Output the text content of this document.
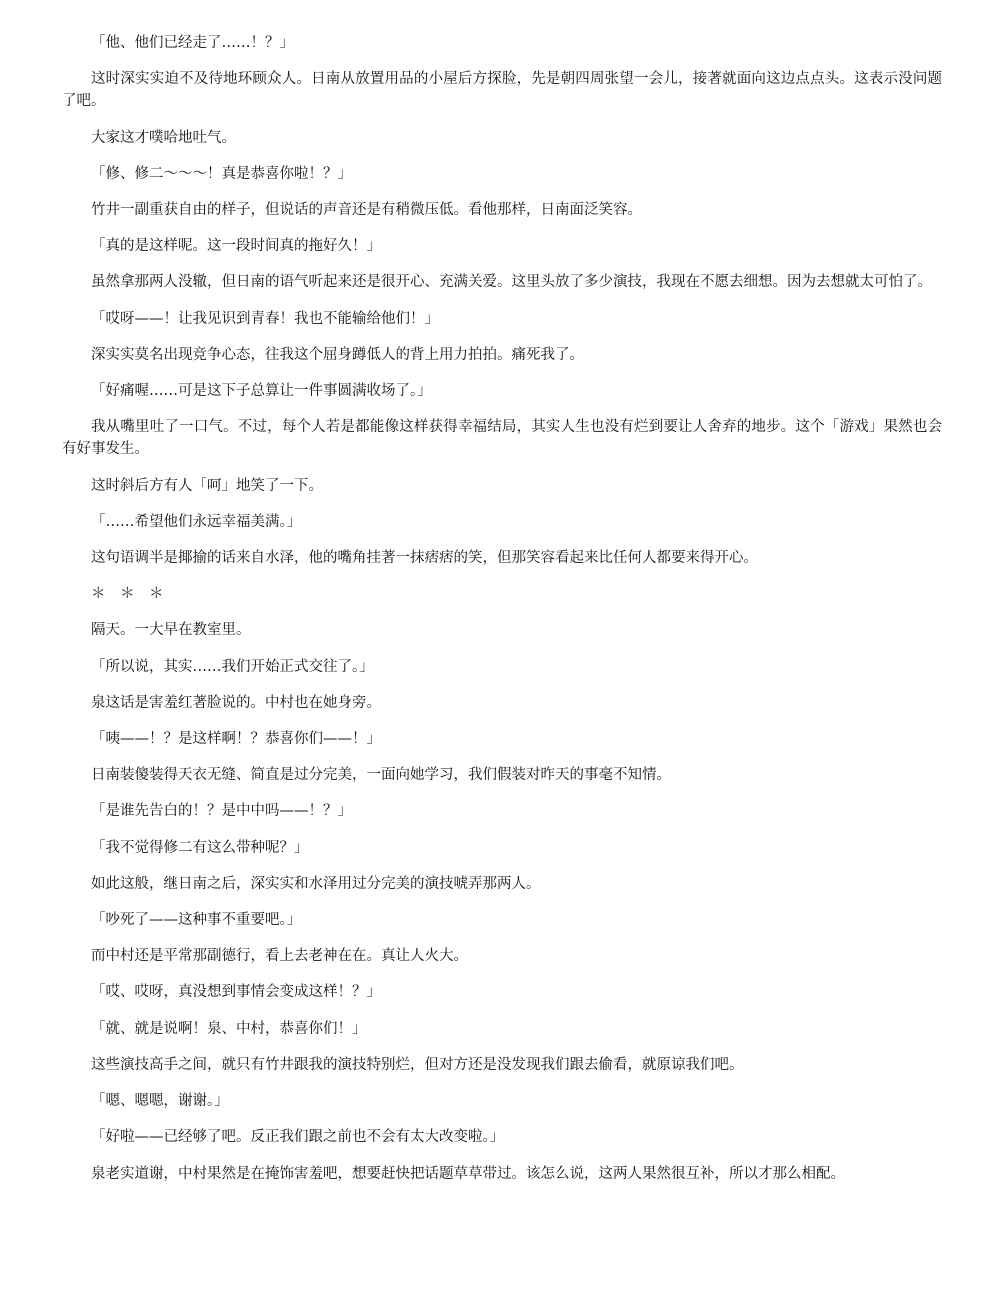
「他、他们已经走了……！？」

这时深实实迫不及待地环顾众人。日南从放置用品的小屋后方探脸，先是朝四周张望一会儿，接著就面向这边点点头。这表示没问题了吧。

大家这才噗哈地吐气。

「修、修二～～～！真是恭喜你啦！？」

竹井一副重获自由的样子，但说话的声音还是有稍微压低。看他那样，日南面泛笑容。

「真的是这样呢。这一段时间真的拖好久！」

虽然拿那两人没辙，但日南的语气听起来还是很开心、充满关爱。这里头放了多少演技，我现在不愿去细想。因为去想就太可怕了。

「哎呀——！让我见识到青春！我也不能输给他们！」

深实实莫名出现竞争心态，往我这个屈身蹲低人的背上用力拍拍。痛死我了。

「好痛喔……可是这下子总算让一件事圆满收场了。」

我从嘴里吐了一口气。不过，每个人若是都能像这样获得幸福结局，其实人生也没有烂到要让人舍弃的地步。这个「游戏」果然也会有好事发生。

这时斜后方有人「呵」地笑了一下。

「……希望他们永远幸福美满。」

这句语调半是揶揄的话来自水泽，他的嘴角挂著一抹痞痞的笑，但那笑容看起来比任何人都要来得开心。

＊　＊　＊

隔天。一大早在教室里。

「所以说，其实……我们开始正式交往了。」

泉这话是害羞红著脸说的。中村也在她身旁。

「咦——！？是这样啊！？恭喜你们——！」

日南装傻装得天衣无缝、简直是过分完美，一面向她学习，我们假装对昨天的事毫不知情。

「是谁先告白的！？是中中吗——！？」

「我不觉得修二有这么带种呢？」

如此这般，继日南之后，深实实和水泽用过分完美的演技唬弄那两人。

「吵死了——这种事不重要吧。」

而中村还是平常那副德行，看上去老神在在。真让人火大。

「哎、哎呀，真没想到事情会变成这样！？」

「就、就是说啊！泉、中村，恭喜你们！」

这些演技高手之间，就只有竹井跟我的演技特别烂，但对方还是没发现我们跟去偷看，就原谅我们吧。

「嗯、嗯嗯，谢谢。」

「好啦——已经够了吧。反正我们跟之前也不会有太大改变啦。」

泉老实道谢，中村果然是在掩饰害羞吧，想要赶快把话题草草带过。该怎么说，这两人果然很互补，所以才那么相配。
